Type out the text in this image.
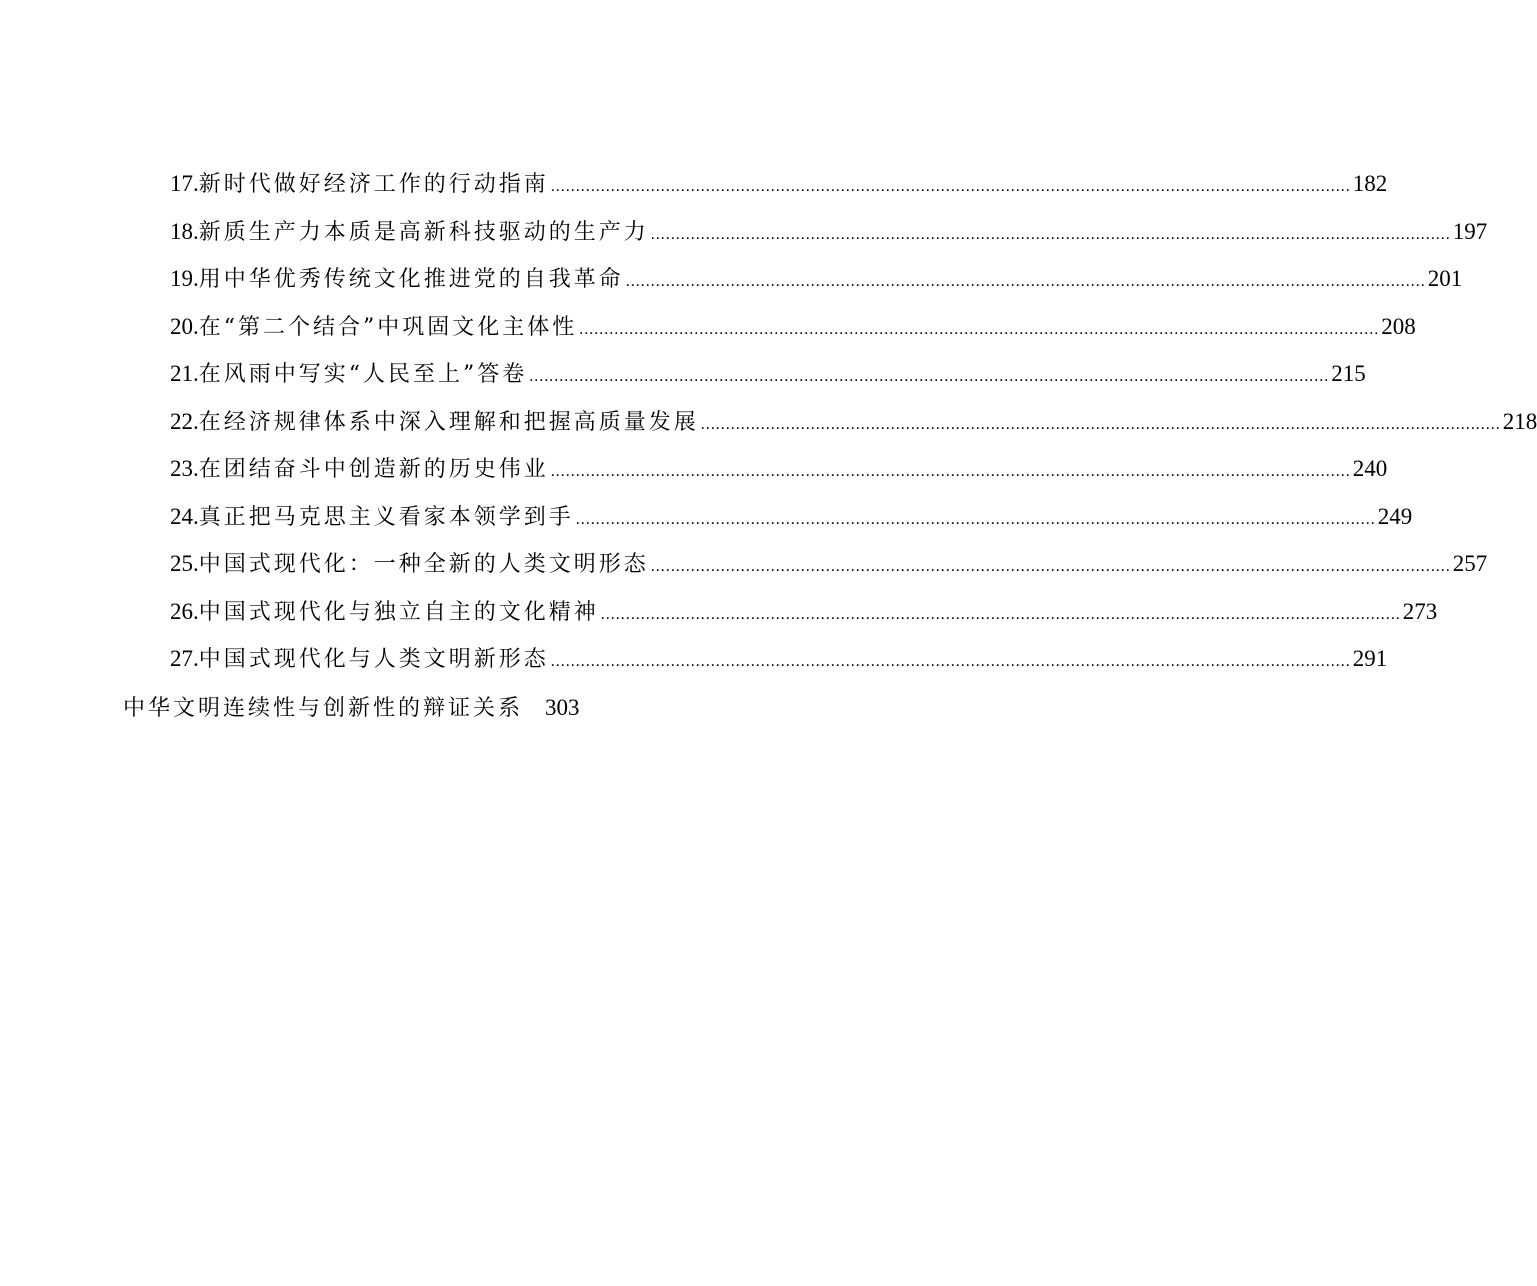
17. 新时代做好经济工作的行动指南 .....	182
18. 新质生产力本质是高新科技驱动的生产力 .....	197
19. 用中华优秀传统文化推进党的自我革命 .....	201
20. 在“第二个结合”中巩固文化主体性 .....	208
21. 在风雨中写实“人民至上”答卷 .....	215
22. 在经济规律体系中深入理解和把握高质量发展 .....	218
23. 在团结奋斗中创造新的历史伟业 .....	240
24. 真正把马克思主义看家本领学到手 .....	249
25. 中国式现代化：一种全新的人类文明形态 .....	257
26. 中国式现代化与独立自主的文化精神 .....	273
27. 中国式现代化与人类文明新形态 .....	291
中华文明连续性与创新性的辩证关系 303
